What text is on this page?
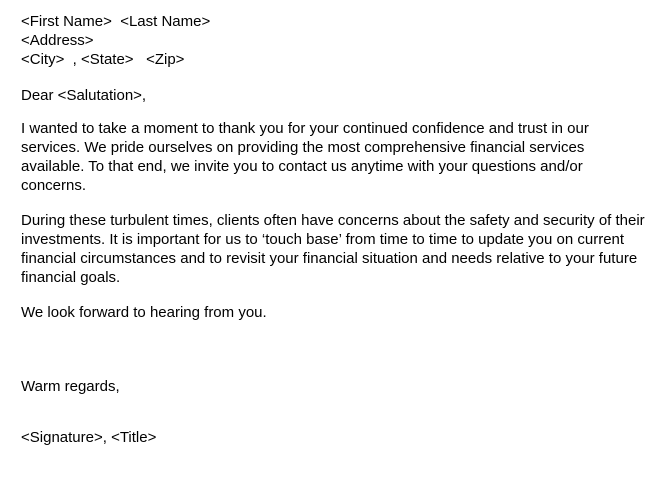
<First Name>  <Last Name>
<Address>
<City>  , <State>   <Zip>
Dear <Salutation>,
I wanted to take a moment to thank you for your continued confidence and trust in our services. We pride ourselves on providing the most comprehensive financial services available. To that end, we invite you to contact us anytime with your questions and/or concerns.
During these turbulent times, clients often have concerns about the safety and security of their investments. It is important for us to ‘touch base’ from time to time to update you on current financial circumstances and to revisit your financial situation and needs relative to your future financial goals.
We look forward to hearing from you.
Warm regards,
<Signature>, <Title>
